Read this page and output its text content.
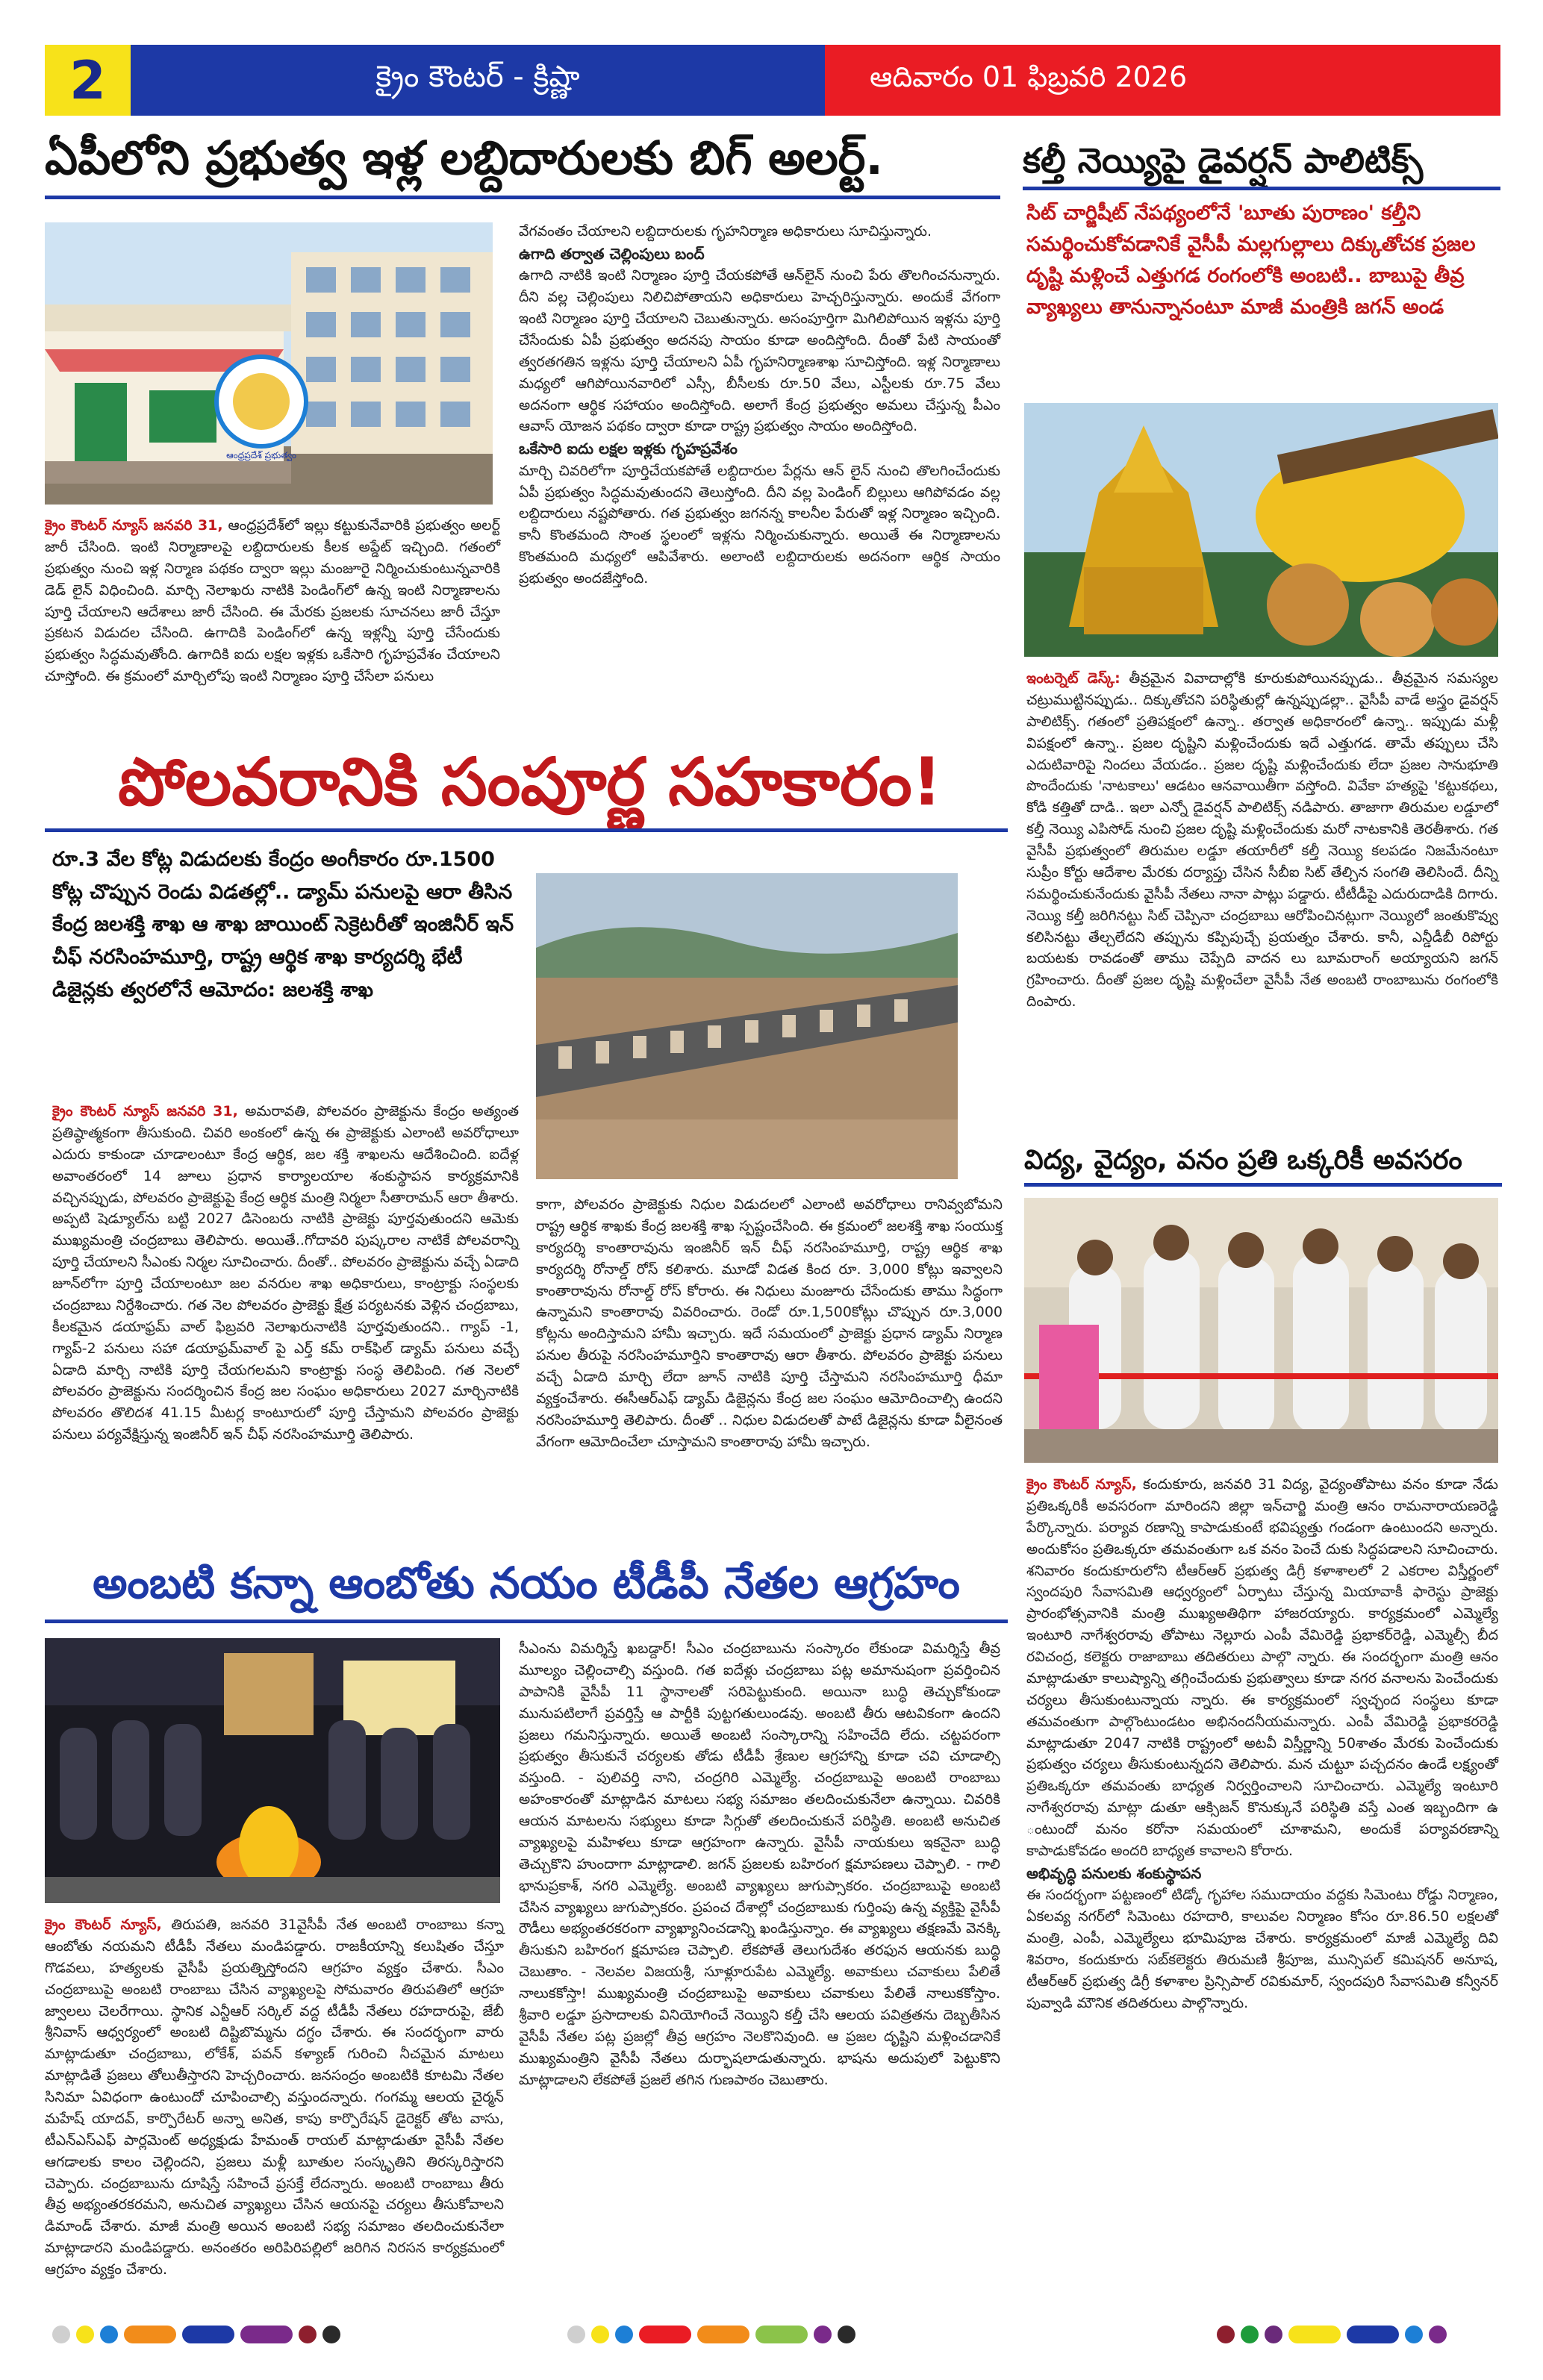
2	క్రైం కౌంటర్ - క్రిష్ణా	ఆదివారం 01 ఫిబ్రవరి 2026
ఏపీలోని ప్రభుత్వ ఇళ్ల లబ్దిదారులకు బిగ్ అలర్ట్.
ఆంధ్రప్రదేశ్ ప్రభుత్వం

క్రైం కౌంటర్ న్యూస్ జనవరి 31, ఆంధ్రప్రదేశ్‌లో ఇల్లు కట్టుకునేవారికి ప్రభుత్వం అలర్ట్ జారీ చేసింది. ఇంటి నిర్మాణాలపై లబ్దిదారులకు కీలక అప్డేట్ ఇచ్చింది. గతంలో ప్రభుత్వం నుంచి ఇళ్ల నిర్మాణ పథకం ద్వారా ఇల్లు మంజూరై నిర్మించుకుంటున్నవారికి డెడ్ లైన్ విధించింది. మార్చి నెలాఖరు నాటికి పెండింగ్‌లో ఉన్న ఇంటి నిర్మాణాలను పూర్తి చేయాలని ఆదేశాలు జారీ చేసింది. ఈ మేరకు ప్రజలకు సూచనలు జారీ చేస్తూ ప్రకటన విడుదల చేసింది. ఉగాదికి పెండింగ్‌లో ఉన్న ఇళ్లన్నీ పూర్తి చేసేందుకు ప్రభుత్వం సిద్ధమవుతోంది. ఉగాదికి ఐదు లక్షల ఇళ్లకు ఒకేసారి గృహప్రవేశం చేయాలని చూస్తోంది. ఈ క్రమంలో మార్చిలోపు ఇంటి నిర్మాణం పూర్తి చేసేలా పనులు

వేగవంతం చేయాలని లబ్దిదారులకు గృహనిర్మాణ అధికారులు సూచిస్తున్నారు.

ఉగాది తర్వాత చెల్లింపులు బంద్

ఉగాది నాటికి ఇంటి నిర్మాణం పూర్తి చేయకపోతే ఆన్‌లైన్ నుంచి పేరు తొలగించనున్నారు. దీని వల్ల చెల్లింపులు నిలిచిపోతాయని అధికారులు హెచ్చరిస్తున్నారు. అందుకే వేగంగా ఇంటి నిర్మాణం పూర్తి చేయాలని చెబుతున్నారు. అసంపూర్తిగా మిగిలిపోయిన ఇళ్లను పూర్తి చేసేందుకు ఏపీ ప్రభుత్వం అదనపు సాయం కూడా అందిస్తోంది. దీంతో పేటి సాయంతో త్వరతగతిన ఇళ్లను పూర్తి చేయాలని ఏపీ గృహనిర్మాణశాఖ సూచిస్తోంది. ఇళ్ల నిర్మాణాలు మధ్యలో ఆగిపోయినవారిలో ఎస్సీ, బీసీలకు రూ.50 వేలు, ఎస్టీలకు రూ.75 వేలు అదనంగా ఆర్థిక సహాయం అందిస్తోంది. అలాగే కేంద్ర ప్రభుత్వం అమలు చేస్తున్న పీఎం ఆవాస్ యోజన పథకం ద్వారా కూడా రాష్ట్ర ప్రభుత్వం సాయం అందిస్తోంది.

ఒకేసారి ఐదు లక్షల ఇళ్లకు గృహప్రవేశం

మార్చి చివరిలోగా పూర్తిచేయకపోతే లబ్దిదారుల పేర్లను ఆన్ లైన్ నుంచి తొలగించేందుకు ఏపీ ప్రభుత్వం సిద్ధమవుతుందని తెలుస్తోంది. దీని వల్ల పెండింగ్ బిల్లులు ఆగిపోవడం వల్ల లబ్దిదారులు నష్టపోతారు. గత ప్రభుత్వం జగనన్న కాలనీల పేరుతో ఇళ్ల నిర్మాణం ఇచ్చింది. కానీ కొంతమంది సొంత స్థలంలో ఇళ్లను నిర్మించుకున్నారు. అయితే ఈ నిర్మాణాలను కొంతమంది మధ్యలో ఆపివేశారు. అలాంటి లబ్దిదారులకు అదనంగా ఆర్థిక సాయం ప్రభుత్వం అందజేస్తోంది.

కల్తీ నెయ్యిపై డైవర్షన్ పాలిటిక్స్
సిట్ చార్జిషీట్ నేపథ్యంలోనే 'బూతు పురాణం' కల్తీని సమర్థించుకోవడానికే వైసీపీ మల్లగుల్లాలు దిక్కుతోచక ప్రజల దృష్టి మళ్లించే ఎత్తుగడ రంగంలోకి అంబటి.. బాబుపై తీవ్ర వ్యాఖ్యలు తానున్నానంటూ మాజీ మంత్రికి జగన్ అండ

ఇంటర్నెట్ డెస్క్: తీవ్రమైన వివాదాల్లోకి కూరుకుపోయినప్పుడు.. తీవ్రమైన సమస్యల చట్రుముట్టినప్పుడు.. దిక్కుతోచని పరిస్థితుల్లో ఉన్నప్పుడల్లా.. వైసీపీ వాడే అస్త్రం డైవర్షన్ పాలిటిక్స్. గతంలో ప్రతిపక్షంలో ఉన్నా.. తర్వాత అధికారంలో ఉన్నా.. ఇప్పుడు మళ్లీ విపక్షంలో ఉన్నా.. ప్రజల దృష్టిని మళ్లించేందుకు ఇదే ఎత్తుగడ. తామే తప్పులు చేసి ఎదుటివారిపై నిందలు వేయడం.. ప్రజల దృష్టి మళ్లించేందుకు లేదా ప్రజల సానుభూతి పొందేందుకు 'నాటకాలు' ఆడటం ఆనవాయితీగా వస్తోంది. వివేకా హత్యపై 'కట్టుకథలు, కోడి కత్తితో దాడి.. ఇలా ఎన్నో డైవర్షన్ పాలిటిక్స్ నడిపారు. తాజాగా తిరుమల లడ్డూలో కల్తీ నెయ్యి ఎపిసోడ్ నుంచి ప్రజల దృష్టి మళ్లించేందుకు మరో నాటకానికి తెరతీశారు. గత వైసీపీ ప్రభుత్వంలో తిరుమల లడ్డూ తయారీలో కల్తీ నెయ్యి కలపడం నిజమేనంటూ సుప్రీం కోర్టు ఆదేశాల మేరకు దర్యాప్తు చేసిన సీబీఐ సిట్ తేల్చిన సంగతి తెలిసిందే. దీన్ని సమర్థించుకునేందుకు వైసీపీ నేతలు నానా పాట్లు పడ్డారు. టీటీడీపై ఎదురుదాడికి దిగారు. నెయ్యి కల్తీ జరిగినట్టు సిట్ చెప్పినా చంద్రబాబు ఆరోపించినట్లుగా నెయ్యిలో జంతుకొవ్వు కలిసినట్టు తేల్చలేదని తప్పును కప్పిపుచ్చే ప్రయత్నం చేశారు. కానీ, ఎన్డీడీబీ రిపోర్టు బయటకు రావడంతో తాము చెప్పేది వాదన లు బూమరాంగ్ అయ్యాయని జగన్ గ్రహించారు. దీంతో ప్రజల దృష్టి మళ్లించేలా వైసీపీ నేత అంబటి రాంబాబును రంగంలోకి దింపారు.

పోలవరానికి సంపూర్ణ సహకారం!
రూ.3 వేల కోట్ల విడుదలకు కేంద్రం అంగీకారం రూ.1500 కోట్ల చొప్పున రెండు విడతల్లో.. డ్యామ్ పనులపై ఆరా తీసిన కేంద్ర జలశక్తి శాఖ ఆ శాఖ జాయింట్ సెక్రెటరీతో ఇంజినీర్ ఇన్ చీఫ్ నరసింహమూర్తి, రాష్ట్ర ఆర్థిక శాఖ కార్యదర్శి భేటీ డిజైన్లకు త్వరలోనే ఆమోదం: జలశక్తి శాఖ

క్రైం కౌంటర్ న్యూస్ జనవరి 31, అమరావతి, పోలవరం ప్రాజెక్టును కేంద్రం అత్యంత ప్రతిష్ఠాత్మకంగా తీసుకుంది. చివరి అంకంలో ఉన్న ఈ ప్రాజెక్టుకు ఎలాంటి అవరోధాలూ ఎదురు కాకుండా చూడాలంటూ కేంద్ర ఆర్థిక, జల శక్తి శాఖలను ఆదేశించింది. ఐదేళ్ల అవాంతరంలో 14 జూలు ప్రధాన కార్యాలయాల శంకుస్థాపన కార్యక్రమానికి వచ్చినప్పుడు, పోలవరం ప్రాజెక్టుపై కేంద్ర ఆర్థిక మంత్రి నిర్మలా సీతారామన్ ఆరా తీశారు. అప్పటి షెడ్యూల్‌ను బట్టి 2027 డిసెంబరు నాటికి ప్రాజెక్టు పూర్తవుతుందని ఆమెకు ముఖ్యమంత్రి చంద్రబాబు తెలిపారు. అయితే..గోదావరి పుష్కరాల నాటికే పోలవరాన్ని పూర్తి చేయాలని సీఎంకు నిర్మల సూచించారు. దీంతో.. పోలవరం ప్రాజెక్టును వచ్చే ఏడాది జూన్‌లోగా పూర్తి చేయాలంటూ జల వనరుల శాఖ అధికారులు, కాంట్రాక్టు సంస్థలకు చంద్రబాబు నిర్దేశించారు. గత నెల పోలవరం ప్రాజెక్టు క్షేత్ర పర్యటనకు వెళ్లిన చంద్రబాబు, కీలకమైన డయాఫ్రమ్ వాల్ ఫిబ్రవరి నెలాఖరునాటికి పూర్తవుతుందని.. గ్యాప్ -1, గ్యాప్-2 పనులు సహా డయాఫ్రమ్‌వాల్ పై ఎర్త్ కమ్ రాక్‌ఫిల్ డ్యామ్ పనులు వచ్చే ఏడాది మార్చి నాటికి పూర్తి చేయగలమని కాంట్రాక్టు సంస్థ తెలిపింది. గత నెలలో పోలవరం ప్రాజెక్టును సందర్శించిన కేంద్ర జల సంఘం అధికారులు 2027 మార్చినాటికి పోలవరం తొలిదశ 41.15 మీటర్ల కాంటూరులో పూర్తి చేస్తామని పోలవరం ప్రాజెక్టు పనులు పర్యవేక్షిస్తున్న ఇంజినీర్ ఇన్ చీఫ్ నరసింహమూర్తి తెలిపారు.

కాగా, పోలవరం ప్రాజెక్టుకు నిధుల విడుదలలో ఎలాంటి అవరోధాలు రానివ్వబోమని రాష్ట్ర ఆర్థిక శాఖకు కేంద్ర జలశక్తి శాఖ స్పష్టంచేసింది. ఈ క్రమంలో జలశక్తి శాఖ సంయుక్త కార్యదర్శి కాంతారావును ఇంజినీర్ ఇన్ చీఫ్ నరసింహమూర్తి, రాష్ట్ర ఆర్థిక శాఖ కార్యదర్శి రోనాల్డ్ రోస్ కలిశారు. మూడో విడత కింద రూ. 3,000 కోట్లు ఇవ్వాలని కాంతారావును రోనాల్డ్ రోస్ కోరారు. ఈ నిధులు మంజూరు చేసేందుకు తాము సిద్ధంగా ఉన్నామని కాంతారావు వివరించారు. రెండో రూ.1,500కోట్లు చొప్పున రూ.3,000 కోట్లను అందిస్తామని హామీ ఇచ్చారు. ఇదే సమయంలో ప్రాజెక్టు ప్రధాన డ్యామ్ నిర్మాణ పనుల తీరుపై నరసింహమూర్తిని కాంతారావు ఆరా తీశారు. పోలవరం ప్రాజెక్టు పనులు వచ్చే ఏడాది మార్చి లేదా జూన్ నాటికి పూర్తి చేస్తామని నరసింహమూర్తి ధీమా వ్యక్తంచేశారు. ఈసీఆర్‌ఎఫ్ డ్యామ్ డిజైన్లను కేంద్ర జల సంఘం ఆమోదించాల్సి ఉందని నరసింహమూర్తి తెలిపారు. దీంతో .. నిధుల విడుదలతో పాటే డిజైన్లను కూడా వీలైనంత వేగంగా ఆమోదించేలా చూస్తామని కాంతారావు హామీ ఇచ్చారు.

విద్య, వైద్యం, వనం ప్రతి ఒక్కరికీ అవసరం

క్రైం కౌంటర్ న్యూస్, కందుకూరు, జనవరి 31 విద్య, వైద్యంతోపాటు వనం కూడా నేడు ప్రతిఒక్కరికీ అవసరంగా మారిందని జిల్లా ఇన్‌చార్జి మంత్రి ఆనం రామనారాయణరెడ్డి పేర్కొన్నారు. పర్యావ రణాన్ని కాపాడుకుంటే భవిష్యత్తు గండంగా ఉంటుందని అన్నారు. అందుకోసం ప్రతిఒక్కరూ తమవంతుగా ఒక వనం పెంచే దుకు సిద్ధపడాలని సూచించారు. శనివారం కందుకూరులోని టీఆర్‌ఆర్ ప్రభుత్వ డిగ్రీ కళాశాలలో 2 ఎకరాల విస్తీర్ణంలో స్వందపురి సేవాసమితి ఆధ్వర్యంలో ఏర్పాటు చేస్తున్న మియావాకీ ఫారెస్టు ప్రాజెక్టు ప్రారంభోత్సవానికి మంత్రి ముఖ్యఅతిథిగా హాజరయ్యారు. కార్యక్రమంలో ఎమ్మెల్యే ఇంటూరి నాగేశ్వరరావు తోపాటు నెల్లూరు ఎంపీ వేమిరెడ్డి ప్రభాకర్‌రెడ్డి, ఎమ్మెల్సీ బీద రవిచంద్ర, కలెక్టరు రాజాబాబు తదితరులు పాల్గొ న్నారు. ఈ సందర్భంగా మంత్రి ఆనం మాట్లాడుతూ కాలుష్యాన్ని తగ్గించేందుకు ప్రభుత్వాలు కూడా నగర వనాలను పెంచేందుకు చర్యలు తీసుకుంటున్నాయ న్నారు. ఈ కార్యక్రమంలో స్వచ్ఛంద సంస్థలు కూడా తమవంతుగా పాల్గొంటుండటం అభినందనీయమన్నారు. ఎంపీ వేమిరెడ్డి ప్రభాకరరెడ్డి మాట్లాడుతూ 2047 నాటికి రాష్ట్రంలో అటవీ విస్తీర్ణాన్ని 50శాతం మేరకు పెంచేందుకు ప్రభుత్వం చర్యలు తీసుకుంటున్నదని తెలిపారు. మన చుట్టూ పచ్చదనం ఉండే లక్ష్యంతో ప్రతిఒక్కరూ తమవంతు బాధ్యత నిర్వర్తించాలని సూచించారు. ఎమ్మెల్యే ఇంటూరి నాగేశ్వరరావు మాట్లా డుతూ ఆక్సిజన్ కొనుక్కునే పరిస్థితి వస్తే ఎంత ఇబ్బందిగా ఉ ంటుందో మనం కరోనా సమయంలో చూశామని, అందుకే పర్యావరణాన్ని కాపాడుకోవడం అందరి బాధ్యత కావాలని కోరారు.

అభివృద్ధి పనులకు శంకుస్థాపన

ఈ సందర్భంగా పట్టణంలో టిడ్కో గృహాల సముదాయం వద్దకు సిమెంటు రోడ్డు నిర్మాణం, ఏకలవ్య నగర్‌లో సిమెంటు రహదారి, కాలువల నిర్మాణం కోసం రూ.86.50 లక్షలతో మంత్రి, ఎంపీ, ఎమ్మెల్యేలు భూమిపూజ చేశారు. కార్యక్రమంలో మాజీ ఎమ్మెల్యే దివి శివరాం, కందుకూరు సబ్‌కలెక్టరు తిరుమణి శ్రీపూజ, మున్సిపల్ కమిషనర్ అనూష, టీఆర్‌ఆర్ ప్రభుత్వ డిగ్రీ కళాశాల ప్రిన్సిపాల్ రవికుమార్, స్వందపురి సేవాసమితి కన్వీనర్ పువ్వాడి మౌనిక తదితరులు పాల్గొన్నారు.

అంబటి కన్నా ఆంబోతు నయం టీడీపీ నేతల ఆగ్రహం

క్రైం కౌంటర్ న్యూస్, తిరుపతి, జనవరి 31వైసీపీ నేత అంబటి రాంబాబు కన్నా ఆంబోతు నయమని టీడీపీ నేతలు మండిపడ్డారు. రాజకీయాన్ని కలుషితం చేస్తూ గొడవలు, హత్యలకు వైసీపీ ప్రయత్నిస్తోందని ఆగ్రహం వ్యక్తం చేశారు. సీఎం చంద్రబాబుపై అంబటి రాంబాబు చేసిన వ్యాఖ్యలపై సోమవారం తిరుపతిలో ఆగ్రహ జ్వాలలు చెలరేగాయి. స్థానిక ఎన్టీఆర్ సర్కిల్ వద్ద టీడీపీ నేతలు రహదారుపై, జేబీ శ్రీనివాస్ ఆధ్వర్యంలో అంబటి దిష్టిబొమ్మను దగ్ధం చేశారు. ఈ సందర్భంగా వారు మాట్లాడుతూ చంద్రబాబు, లోకేశ్, పవన్ కళ్యాణ్ గురించి నీచమైన మాటలు మాట్లాడితే ప్రజలు తోలుతీస్తారని హెచ్చరించారు. జనసంద్రం అంబటికి కూటమి నేతల సినిమా ఏవిధంగా ఉంటుందో చూపించాల్సి వస్తుందన్నారు. గంగమ్మ ఆలయ చైర్మన్ మహేష్ యాదవ్, కార్పొరేటర్ అన్నా అనిత, కాపు కార్పొరేషన్ డైరెక్టర్ తోట వాసు, టీఎన్ఎస్‌ఎఫ్ పార్లమెంట్ అధ్యక్షుడు హేమంత్ రాయల్ మాట్లాడుతూ వైసీపీ నేతల ఆగడాలకు కాలం చెల్లిందని, ప్రజలు మళ్లీ బూతుల సంస్కృతిని తిరస్కరిస్తారని చెప్పారు. చంద్రబాబును దూషిస్తే సహించే ప్రసక్తే లేదన్నారు. అంబటి రాంబాబు తీరు తీవ్ర అభ్యంతరకరమని, అనుచిత వ్యాఖ్యలు చేసిన ఆయనపై చర్యలు తీసుకోవాలని డిమాండ్ చేశారు. మాజీ మంత్రి అయిన అంబటి సభ్య సమాజం తలదించుకునేలా మాట్లాడారని మండిపడ్డారు. అనంతరం అరిపిరిపల్లిలో జరిగిన నిరసన కార్యక్రమంలో ఆగ్రహం వ్యక్తం చేశారు.

సీఎంను విమర్శిస్తే ఖబడ్దార్! సీఎం చంద్రబాబును సంస్కారం లేకుండా విమర్శిస్తే తీవ్ర మూల్యం చెల్లించాల్సి వస్తుంది. గత ఐదేళ్లు చంద్రబాబు పట్ల అమానుషంగా ప్రవర్తించిన పాపానికి వైసీపీ 11 స్థానాలతో సరిపెట్టుకుంది. అయినా బుద్ధి తెచ్చుకోకుండా మునుపటిలాగే ప్రవర్తిస్తే ఆ పార్టీకి పుట్టగతులుండవు. అంబటి తీరు ఆటవికంగా ఉందని ప్రజలు గమనిస్తున్నారు. అయితే అంబటి సంస్కారాన్ని సహించేది లేదు. చట్టపరంగా ప్రభుత్వం తీసుకునే చర్యలకు తోడు టీడీపీ శ్రేణుల ఆగ్రహాన్ని కూడా చవి చూడాల్సి వస్తుంది. - పులివర్తి నాని, చంద్రగిరి ఎమ్మెల్యే. చంద్రబాబుపై అంబటి రాంబాబు అహంకారంతో మాట్లాడిన మాటలు సభ్య సమాజం తలదించుకునేలా ఉన్నాయి. చివరికి ఆయన మాటలను సభ్యులు కూడా సిగ్గుతో తలదించుకునే పరిస్థితి. అంబటి అనుచిత వ్యాఖ్యలపై మహిళలు కూడా ఆగ్రహంగా ఉన్నారు. వైసీపీ నాయకులు ఇకనైనా బుద్ధి తెచ్చుకొని హుందాగా మాట్లాడాలి. జగన్ ప్రజలకు బహిరంగ క్షమాపణలు చెప్పాలి. - గాలి భానుప్రకాశ్, నగరి ఎమ్మెల్యే. అంబటి వ్యాఖ్యలు జుగుప్సాకరం. చంద్రబాబుపై అంబటి చేసిన వ్యాఖ్యలు జుగుప్సాకరం. ప్రపంచ దేశాల్లో చంద్రబాబుకు గుర్తింపు ఉన్న వ్యక్తిపై వైసీపీ రౌడీలు అభ్యంతరకరంగా వ్యాఖ్యానించడాన్ని ఖండిస్తున్నాం. ఈ వ్యాఖ్యలు తక్షణమే వెనక్కి తీసుకుని బహిరంగ క్షమాపణ చెప్పాలి. లేకపోతే తెలుగుదేశం తరఫున ఆయనకు బుద్ధి చెబుతాం. - నెలవల విజయశ్రీ, సూళ్లూరుపేట ఎమ్మెల్యే. అవాకులు చవాకులు పేలితే నాలుకకోస్తా! ముఖ్యమంత్రి చంద్రబాబుపై అవాకులు చవాకులు పేలితే నాలుకకోస్తాం. శ్రీవారి లడ్డూ ప్రసాదాలకు వినియోగించే నెయ్యిని కల్తీ చేసి ఆలయ పవిత్రతను దెబ్బతీసిన వైసీపీ నేతల పట్ల ప్రజల్లో తీవ్ర ఆగ్రహం నెలకొనివుంది. ఆ ప్రజల దృష్టిని మళ్లించడానికే ముఖ్యమంత్రిని వైసీపీ నేతలు దుర్భాషలాడుతున్నారు. భాషను అదుపులో పెట్టుకొని మాట్లాడాలని లేకపోతే ప్రజలే తగిన గుణపాఠం చెబుతారు.
